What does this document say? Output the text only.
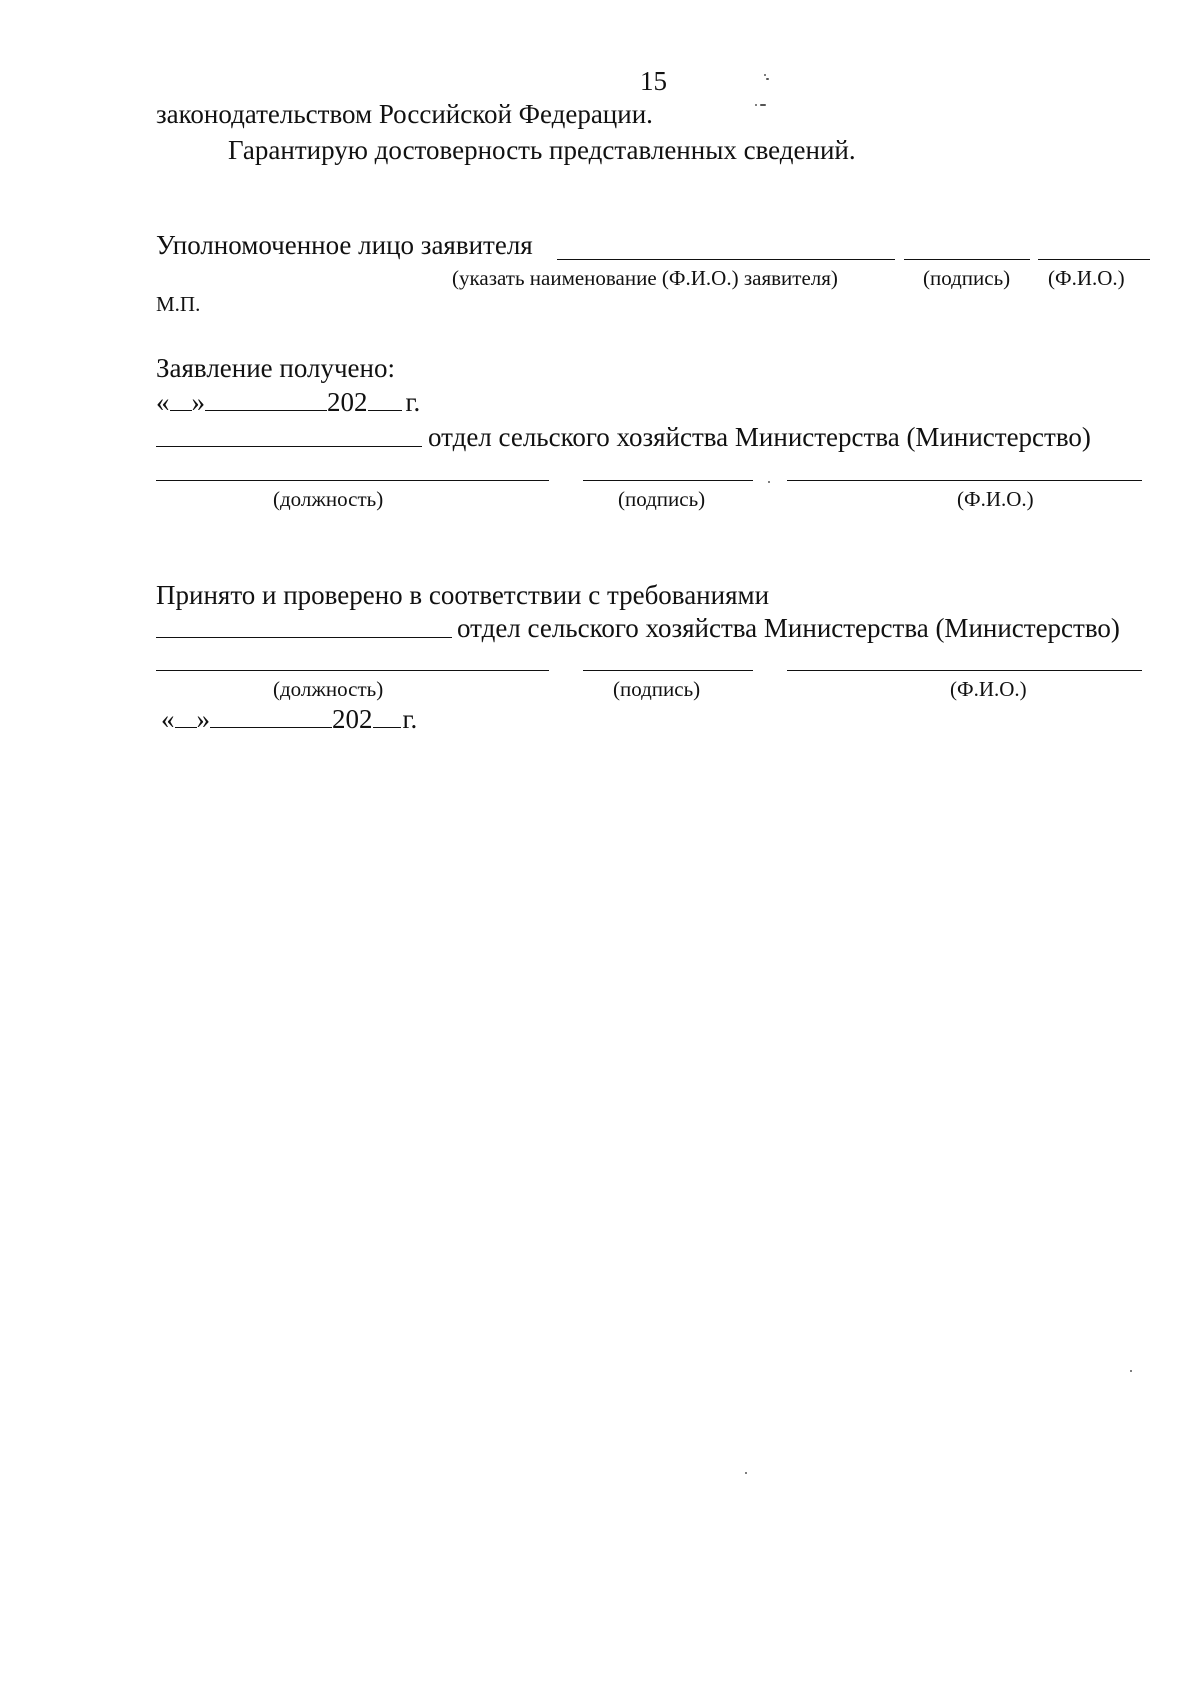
15
законодательством Российской Федерации.
Гарантирую достоверность представленных сведений.
Уполномоченное лицо заявителя
(указать наименование (Ф.И.О.) заявителя)	(подпись) (Ф.И.О.)
М.П.
Заявление получено:
« »	202 г.
отдел сельского хозяйства Министерства (Министерство)
(должность)	(подпись)	(Ф.И.О.)
Принято и проверено в соответствии с требованиями
отдел сельского хозяйства Министерства (Министерство)
(должность)	(подпись)	(Ф.И.О.)
« »	202 г.
